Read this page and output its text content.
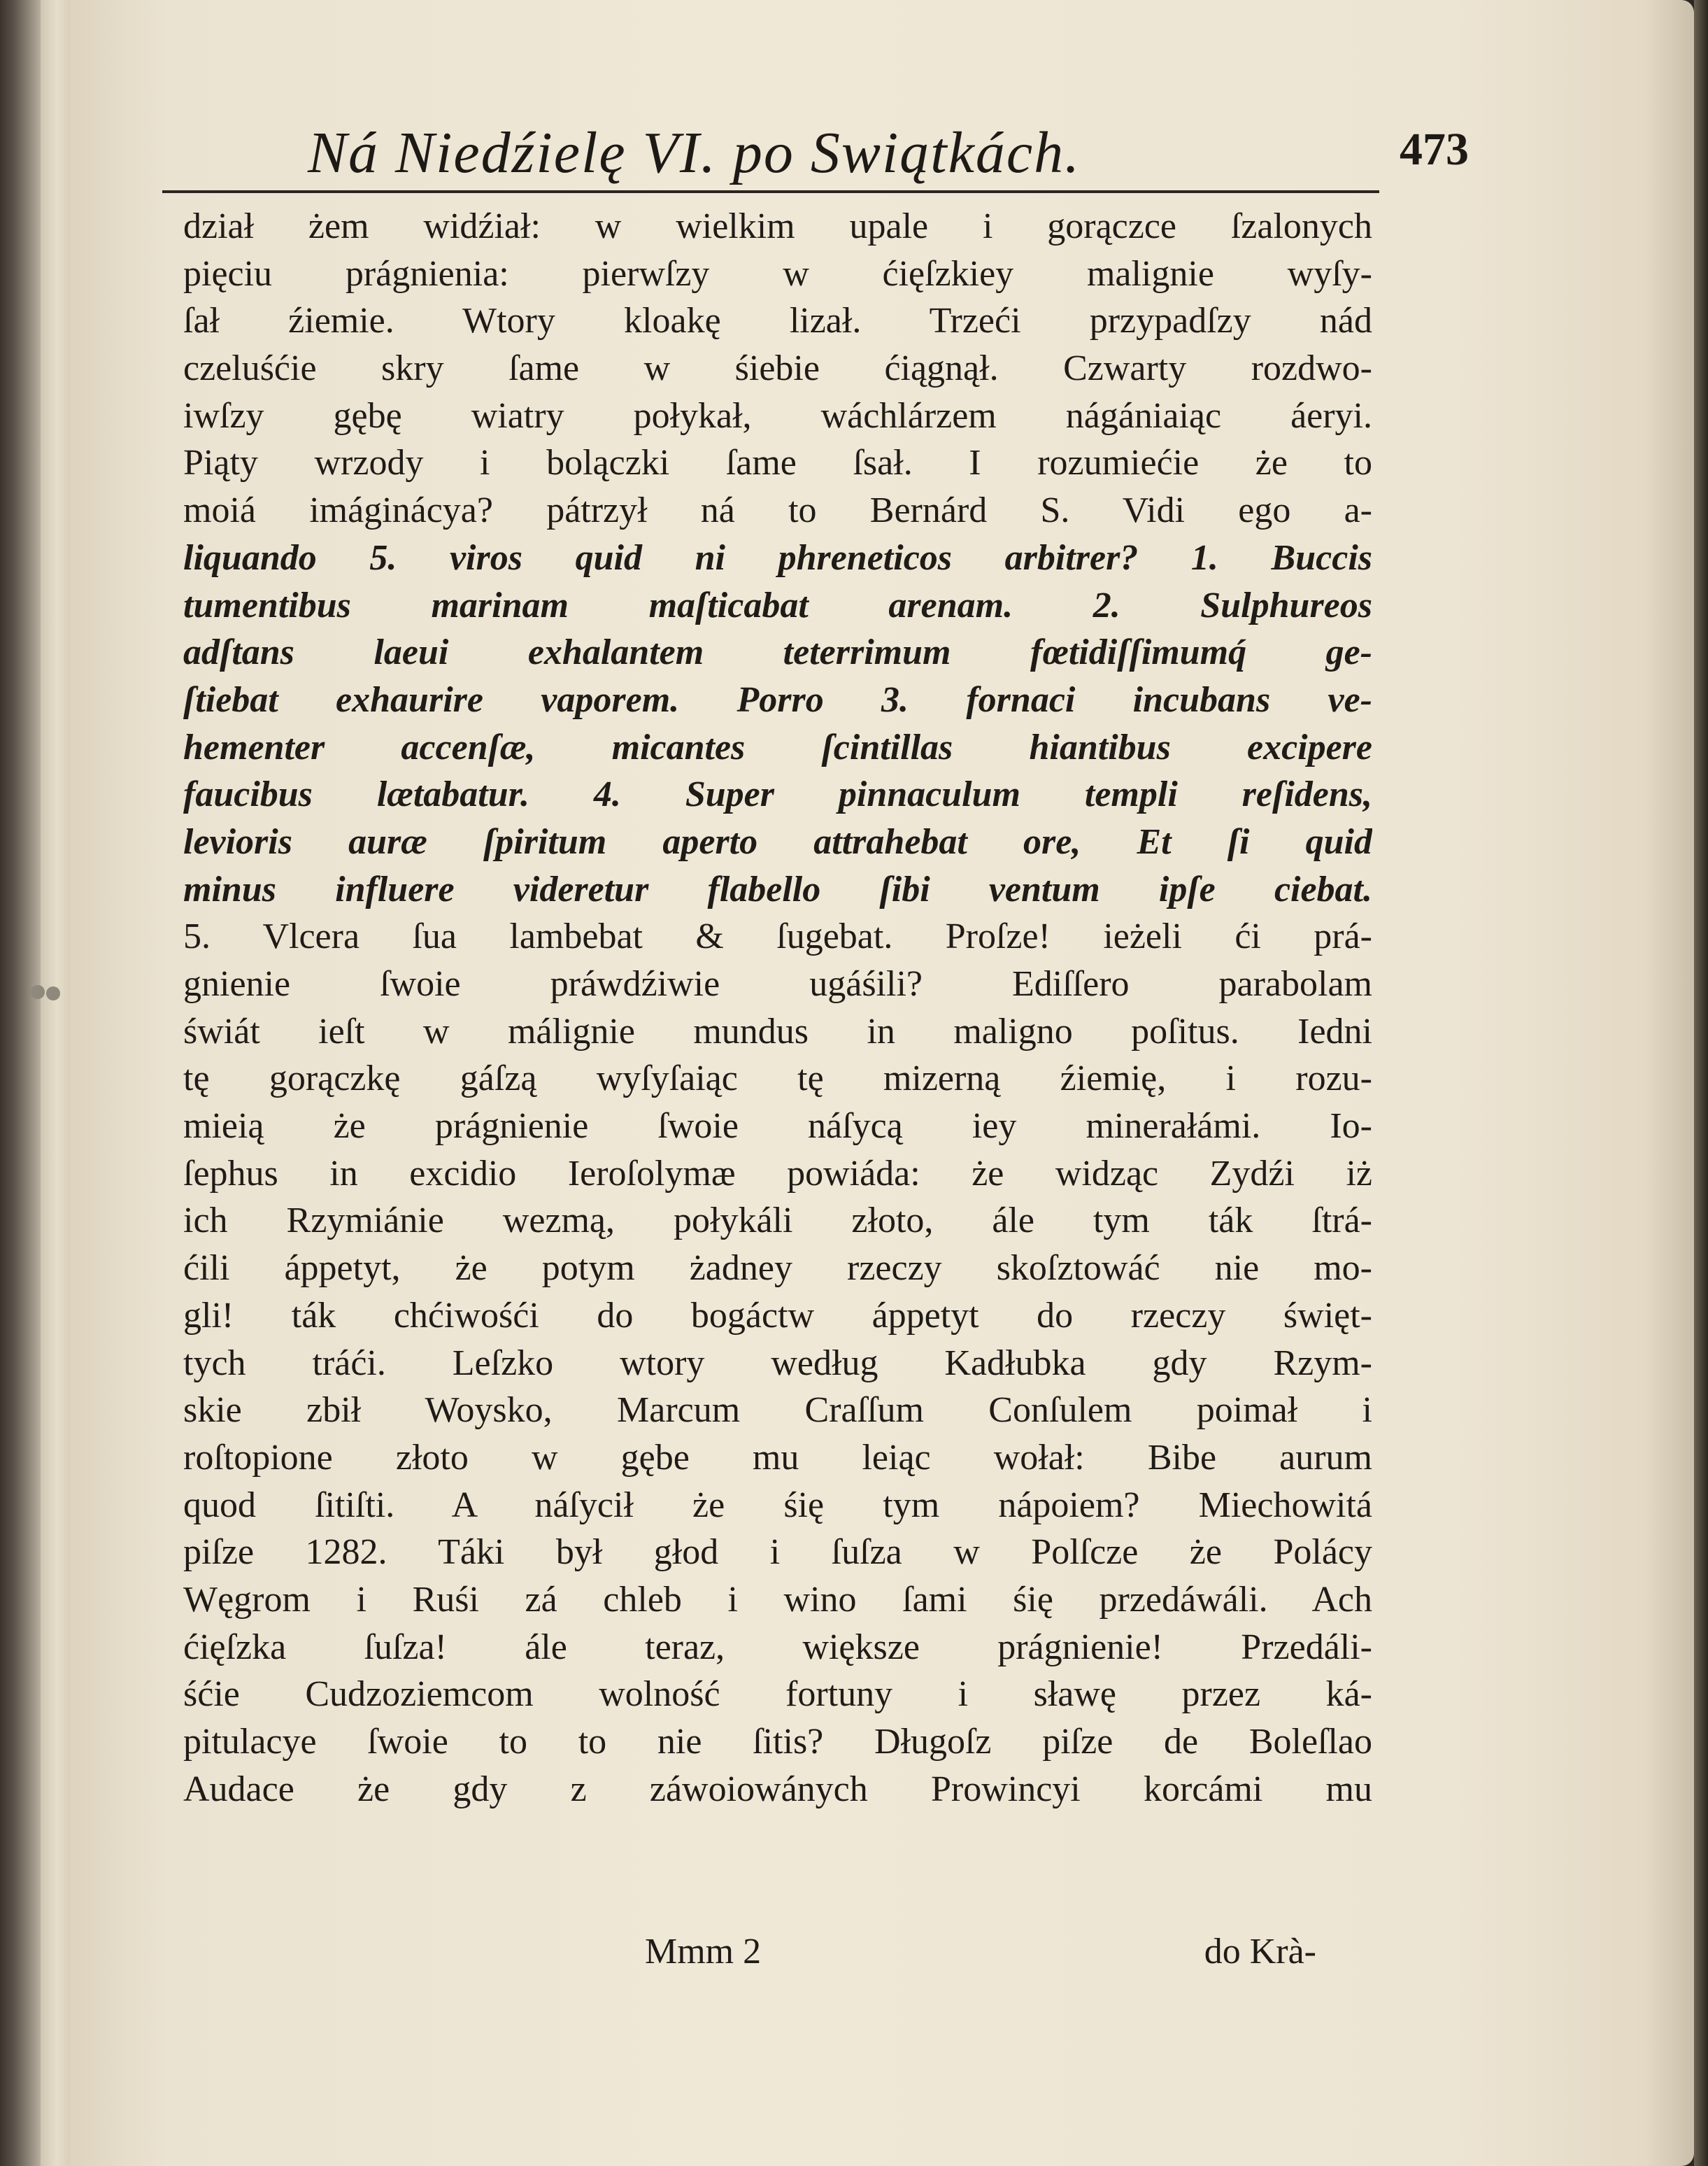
Ná Niedźielę VI. po Swiątkách.	473
dział żem widźiał: w wielkim upale i gorączce ſzalonych
pięciu prágnienia: pierwſzy w ćięſzkiey malignie wyſy-
ſał źiemie. Wtory kloakę lizał. Trzeći przypadſzy nád
czeluśćie skry ſame w śiebie ćiągnął. Czwarty rozdwo-
iwſzy gębę wiatry połykał, wáchlárzem nágániaiąc áeryi.
Piąty wrzody i bolączki ſame ſsał. I rozumiećie że to
moiá imáginácya? pátrzył ná to Bernárd S. Vidi ego a-
liquando 5. viros quid ni phreneticos arbitrer? 1. Buccis
tumentibus marinam maſticabat arenam. 2. Sulphureos
adſtans laeui exhalantem teterrimum fœtidiſſimumq́ ge-
ſtiebat exhaurire vaporem. Porro 3. fornaci incubans ve-
hementer accenſæ, micantes ſcintillas hiantibus excipere
faucibus lætabatur. 4. Super pinnaculum templi reſidens,
levioris auræ ſpiritum aperto attrahebat ore, Et ſi quid
minus influere videretur flabello ſibi ventum ipſe ciebat.
5. Vlcera ſua lambebat & ſugebat. Proſze! ieżeli ći prá-
gnienie ſwoie práwdźiwie ugáśili? Ediſſero parabolam
świát ieſt w málignie mundus in maligno poſitus. Iedni
tę gorączkę gáſzą wyſyſaiąc tę mizerną źiemię, i rozu-
mieią że prágnienie ſwoie náſycą iey minerałámi. Io-
ſephus in excidio Ieroſolymæ powiáda: że widząc Zydźi iż
ich Rzymiánie wezmą, połykáli złoto, ále tym ták ſtrá-
ćili áppetyt, że potym żadney rzeczy skoſztowáć nie mo-
gli! ták chćiwośći do bogáctw áppetyt do rzeczy święt-
tych tráći. Leſzko wtory według Kadłubka gdy Rzym-
skie zbił Woysko, Marcum Craſſum Conſulem poimał i
roſtopione złoto w gębe mu leiąc wołał: Bibe aurum
quod ſitiſti. A náſycił że śię tym nápoiem? Miechowitá
piſze 1282. Táki był głod i ſuſza w Polſcze że Polácy
Węgrom i Ruśi zá chleb i wino ſami śię przedáwáli. Ach
ćięſzka ſuſza! ále teraz, większe prágnienie! Przedáli-
śćie Cudzoziemcom wolność fortuny i sławę przez ká-
pitulacye ſwoie to to nie ſitis? Długoſz piſze de Boleſlao
Audace że gdy z záwoiowánych Prowincyi korcámi mu
Mmm 2	do Krà-
